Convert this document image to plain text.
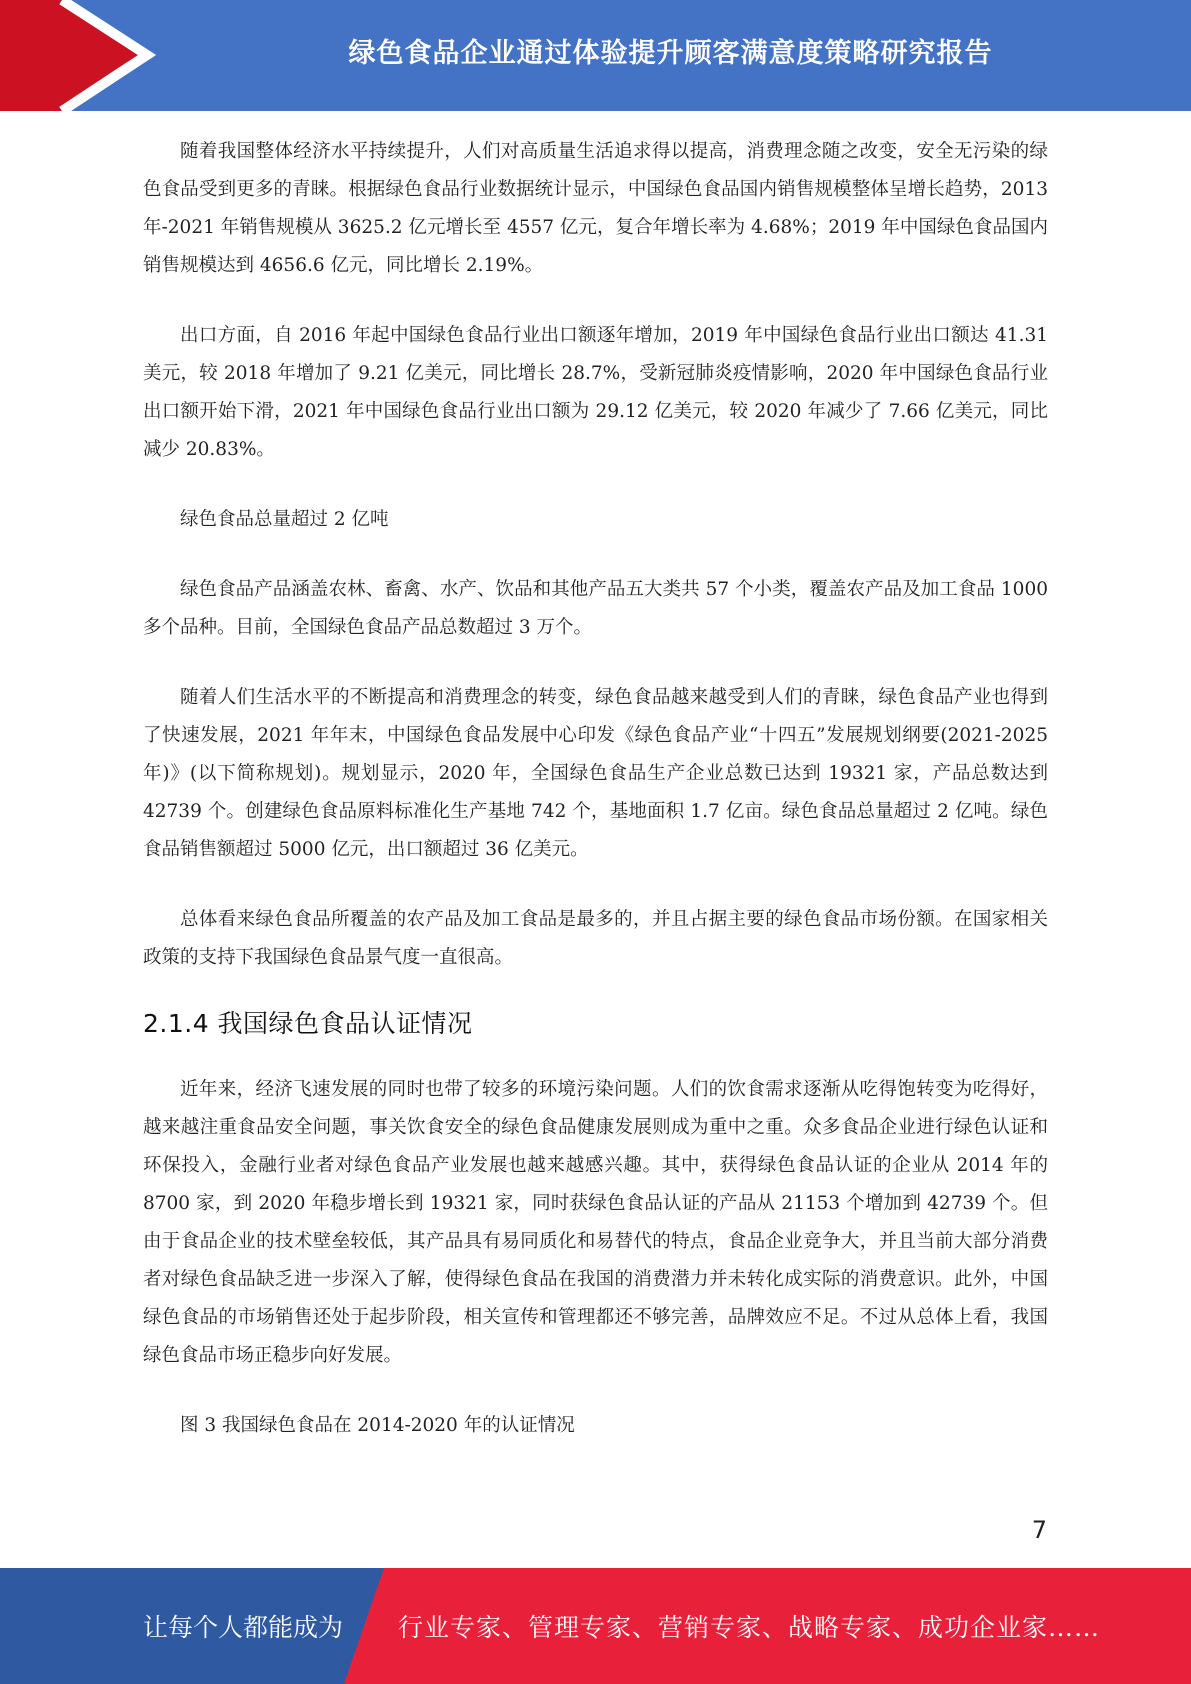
绿色食品企业通过体验提升顾客满意度策略研究报告

随着我国整体经济水平持续提升，人们对高质量生活追求得以提高，消费理念随之改变，安全无污染的绿色食品受到更多的青睐。根据绿色食品行业数据统计显示，中国绿色食品国内销售规模整体呈增长趋势，2013 年-2021 年销售规模从 3625.2 亿元增长至 4557 亿元，复合年增长率为 4.68%；2019 年中国绿色食品国内销售规模达到 4656.6 亿元，同比增长 2.19%。

出口方面，自 2016 年起中国绿色食品行业出口额逐年增加，2019 年中国绿色食品行业出口额达 41.31 美元，较 2018 年增加了 9.21 亿美元，同比增长 28.7%，受新冠肺炎疫情影响，2020 年中国绿色食品行业出口额开始下滑，2021 年中国绿色食品行业出口额为 29.12 亿美元，较 2020 年减少了 7.66 亿美元，同比减少 20.83%。

绿色食品总量超过 2 亿吨

绿色食品产品涵盖农林、畜禽、水产、饮品和其他产品五大类共 57 个小类，覆盖农产品及加工食品 1000 多个品种。目前，全国绿色食品产品总数超过 3 万个。

随着人们生活水平的不断提高和消费理念的转变，绿色食品越来越受到人们的青睐，绿色食品产业也得到了快速发展，2021 年年末，中国绿色食品发展中心印发《绿色食品产业“十四五”发展规划纲要(2021-2025 年)》(以下简称规划)。规划显示，2020 年，全国绿色食品生产企业总数已达到 19321 家，产品总数达到 42739 个。创建绿色食品原料标准化生产基地 742 个，基地面积 1.7 亿亩。绿色食品总量超过 2 亿吨。绿色食品销售额超过 5000 亿元，出口额超过 36 亿美元。

总体看来绿色食品所覆盖的农产品及加工食品是最多的，并且占据主要的绿色食品市场份额。在国家相关政策的支持下我国绿色食品景气度一直很高。

2.1.4 我国绿色食品认证情况

近年来，经济飞速发展的同时也带了较多的环境污染问题。人们的饮食需求逐渐从吃得饱转变为吃得好，越来越注重食品安全问题，事关饮食安全的绿色食品健康发展则成为重中之重。众多食品企业进行绿色认证和环保投入，金融行业者对绿色食品产业发展也越来越感兴趣。其中，获得绿色食品认证的企业从 2014 年的 8700 家，到 2020 年稳步增长到 19321 家，同时获绿色食品认证的产品从 21153 个增加到 42739 个。但由于食品企业的技术壁垒较低，其产品具有易同质化和易替代的特点，食品企业竞争大，并且当前大部分消费者对绿色食品缺乏进一步深入了解，使得绿色食品在我国的消费潜力并未转化成实际的消费意识。此外，中国绿色食品的市场销售还处于起步阶段，相关宣传和管理都还不够完善，品牌效应不足。不过从总体上看，我国绿色食品市场正稳步向好发展。

图 3 我国绿色食品在 2014-2020 年的认证情况

7
让每个人都能成为 行业专家、管理专家、营销专家、战略专家、成功企业家……
